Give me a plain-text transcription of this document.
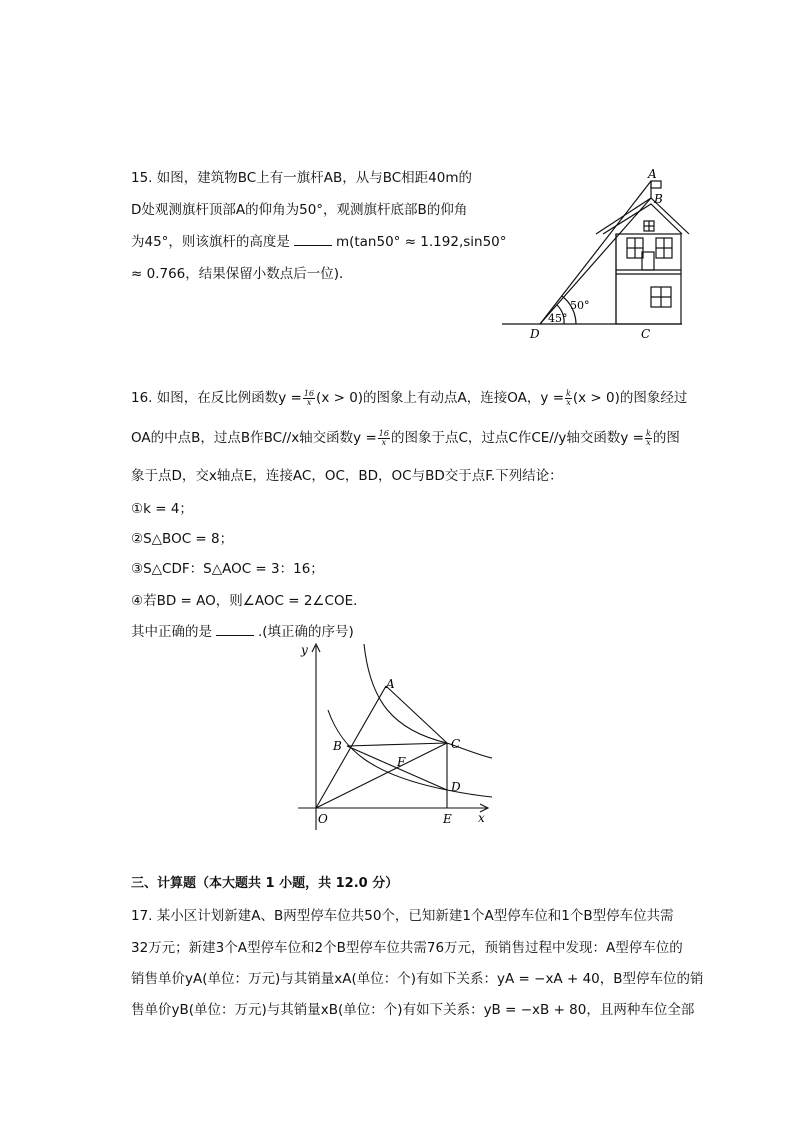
15. 如图，建筑物BC上有一旗杆AB，从与BC相距40m的
D处观测旗杆顶部A的仰角为50°，观测旗杆底部B的仰角
为45°，则该旗杆的高度是	m(tan50° ≈ 1.192,sin50°
≈ 0.766，结果保留小数点后一位)．
A
B
C
D
50°
45°
16. 如图，在反比例函数$y = \frac{16}{x} (x > 0)$的图象上有动点A，连接OA，$y = \frac{k}{x} (x > 0)$的图象经过
OA的中点B，过点B作BC//x轴交函数$y = \frac{16}{x}$ 的图象于点C，过点C作CE//y轴交函数$y = \frac{k}{x}$ 的图
象于点D，交x轴点E，连接AC，OC，BD，OC与BD交于点F.下列结论：
①k = 4；
②S△BOC = 8；
③S△CDF：S△AOC = 3：16；
④若BD = AO，则∠AOC = 2∠COE．
其中正确的是	.(填正确的序号)
y
x
O
A
B	C
D
E
F
三、计算题（本大题共 1 小题，共 12.0 分）
17. 某小区计划新建A、B两型停车位共50个，已知新建1个A型停车位和1个B型停车位共需
32万元；新建3个A型停车位和2个B型停车位共需76万元，预销售过程中发现：A型停车位的
销售单价yA(单位：万元)与其销量xA(单位：个)有如下关系：yA = −xA + 40，B型停车位的销
售单价yB(单位：万元)与其销量xB(单位：个)有如下关系：yB = −xB + 80，且两种车位全部
